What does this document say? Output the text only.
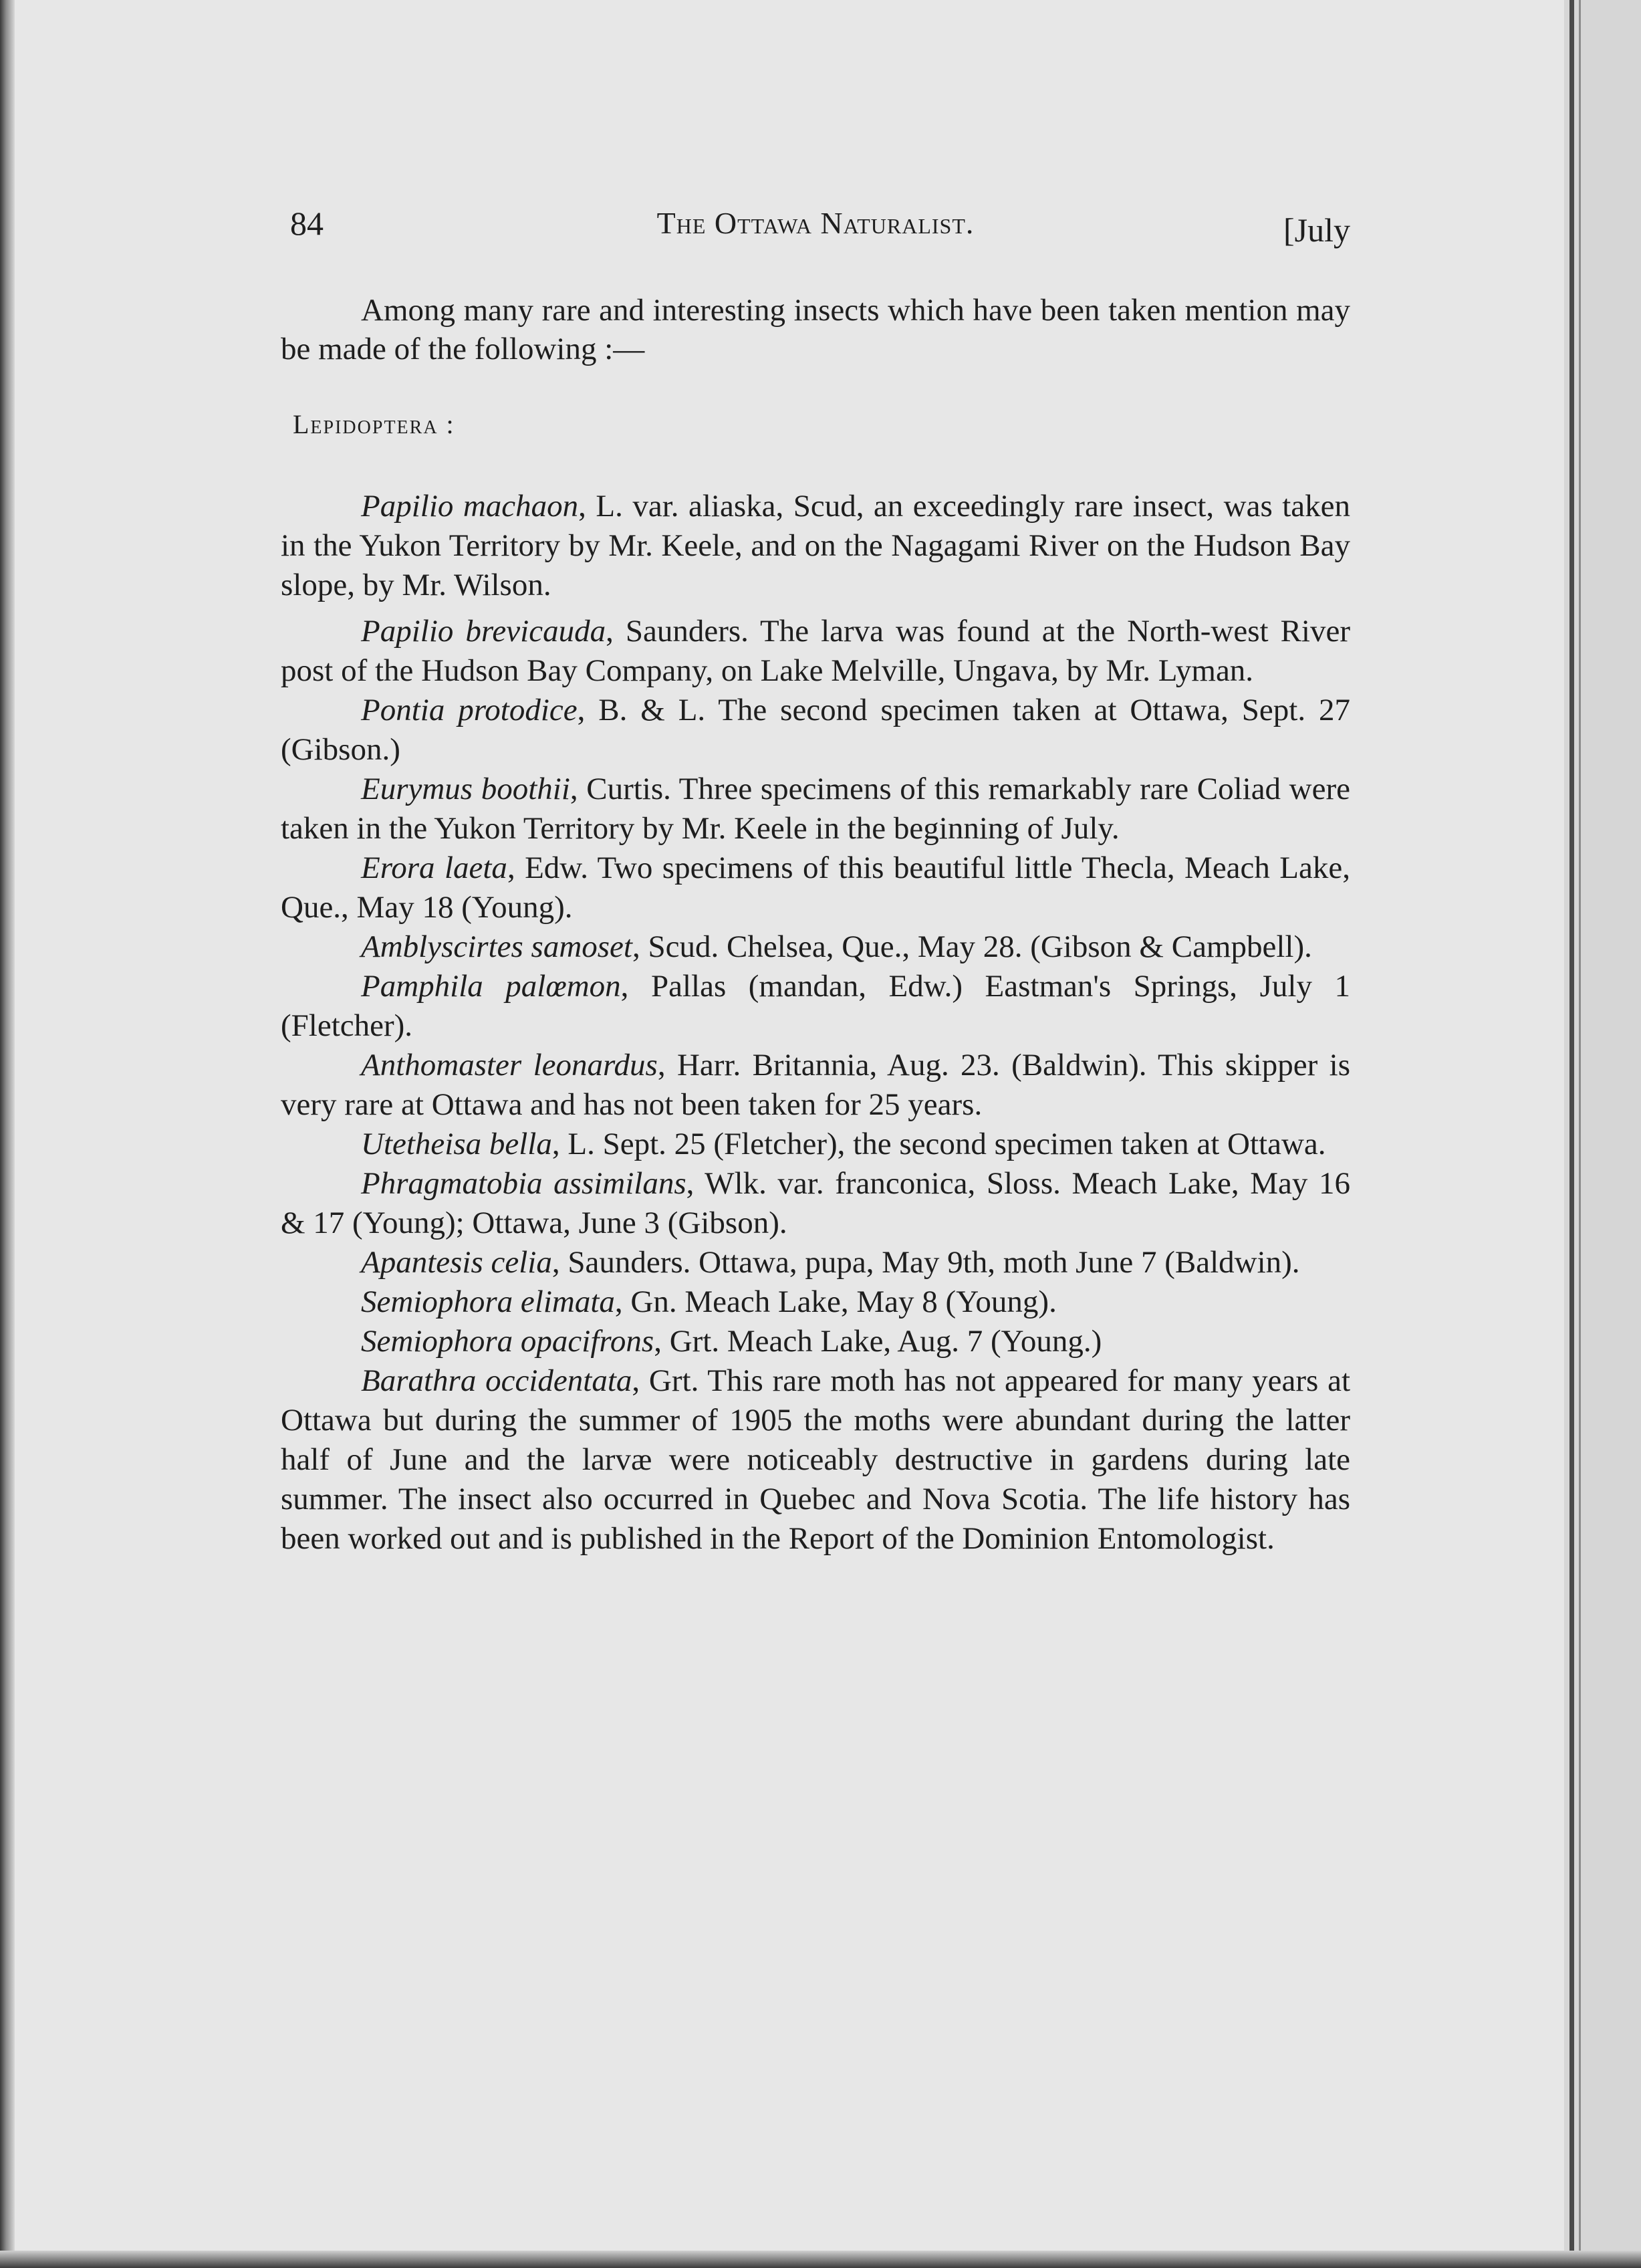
84	The Ottawa Naturalist.	[July

Among many rare and interesting insects which have been taken mention may be made of the following :—

Lepidoptera :

Papilio machaon, L. var. aliaska, Scud, an exceedingly rare insect, was taken in the Yukon Territory by Mr. Keele, and on the Nagagami River on the Hudson Bay slope, by Mr. Wilson.

Papilio brevicauda, Saunders. The larva was found at the North-west River post of the Hudson Bay Company, on Lake Melville, Ungava, by Mr. Lyman.

Pontia protodice, B. & L. The second specimen taken at Ottawa, Sept. 27 (Gibson.)

Eurymus boothii, Curtis. Three specimens of this remarkably rare Coliad were taken in the Yukon Territory by Mr. Keele in the beginning of July.

Erora laeta, Edw. Two specimens of this beautiful little Thecla, Meach Lake, Que., May 18 (Young).

Amblyscirtes samoset, Scud. Chelsea, Que., May 28. (Gibson & Campbell).

Pamphila palœmon, Pallas (mandan, Edw.) Eastman's Springs, July 1 (Fletcher).

Anthomaster leonardus, Harr. Britannia, Aug. 23. (Baldwin). This skipper is very rare at Ottawa and has not been taken for 25 years.

Utetheisa bella, L. Sept. 25 (Fletcher), the second specimen taken at Ottawa.

Phragmatobia assimilans, Wlk. var. franconica, Sloss. Meach Lake, May 16 & 17 (Young); Ottawa, June 3 (Gibson).

Apantesis celia, Saunders. Ottawa, pupa, May 9th, moth June 7 (Baldwin).

Semiophora elimata, Gn. Meach Lake, May 8 (Young).

Semiophora opacifrons, Grt. Meach Lake, Aug. 7 (Young.)

Barathra occidentata, Grt. This rare moth has not appeared for many years at Ottawa but during the summer of 1905 the moths were abundant during the latter half of June and the larvæ were noticeably destructive in gardens during late summer. The insect also occurred in Quebec and Nova Scotia. The life history has been worked out and is published in the Report of the Dominion Entomologist.
